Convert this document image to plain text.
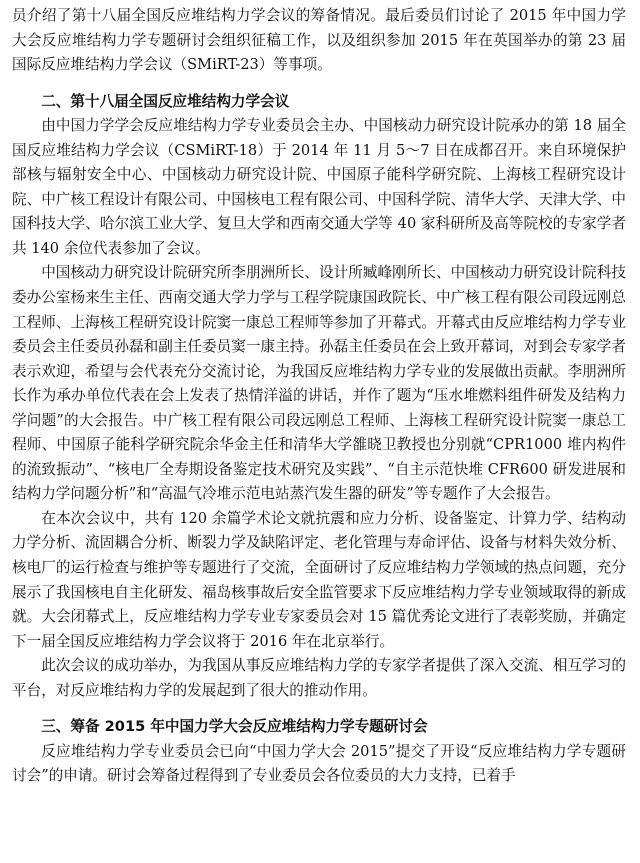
员介绍了第十八届全国反应堆结构力学会议的筹备情况。最后委员们讨论了 2015 年中国力学大会反应堆结构力学专题研讨会组织征稿工作，以及组织参加 2015 年在英国举办的第 23 届国际反应堆结构力学会议（SMiRT-23）等事项。

二、第十八届全国反应堆结构力学会议

由中国力学学会反应堆结构力学专业委员会主办、中国核动力研究设计院承办的第 18 届全国反应堆结构力学会议（CSMiRT-18）于 2014 年 11 月 5～7 日在成都召开。来自环境保护部核与辐射安全中心、中国核动力研究设计院、中国原子能科学研究院、上海核工程研究设计院、中广核工程设计有限公司、中国核电工程有限公司、中国科学院、清华大学、天津大学、中国科技大学、哈尔滨工业大学、复旦大学和西南交通大学等 40 家科研所及高等院校的专家学者共 140 余位代表参加了会议。

中国核动力研究设计院研究所李朋洲所长、设计所臧峰刚所长、中国核动力研究设计院科技委办公室杨来生主任、西南交通大学力学与工程学院康国政院长、中广核工程有限公司段远刚总工程师、上海核工程研究设计院窦一康总工程师等参加了开幕式。开幕式由反应堆结构力学专业委员会主任委员孙磊和副主任委员窦一康主持。孙磊主任委员在会上致开幕词，对到会专家学者表示欢迎，希望与会代表充分交流讨论，为我国反应堆结构力学专业的发展做出贡献。李朋洲所长作为承办单位代表在会上发表了热情洋溢的讲话，并作了题为“压水堆燃料组件研发及结构力学问题”的大会报告。中广核工程有限公司段远刚总工程师、上海核工程研究设计院窦一康总工程师、中国原子能科学研究院余华金主任和清华大学雒晓卫教授也分别就“CPR1000 堆内构件的流致振动”、“核电厂全寿期设备鉴定技术研究及实践”、“自主示范快堆 CFR600 研发进展和结构力学问题分析”和“高温气冷堆示范电站蒸汽发生器的研发”等专题作了大会报告。

在本次会议中，共有 120 余篇学术论文就抗震和应力分析、设备鉴定、计算力学、结构动力学分析、流固耦合分析、断裂力学及缺陷评定、老化管理与寿命评估、设备与材料失效分析、核电厂的运行检查与维护等专题进行了交流，全面研讨了反应堆结构力学领域的热点问题，充分展示了我国核电自主化研发、福岛核事故后安全监管要求下反应堆结构力学专业领域取得的新成就。大会闭幕式上，反应堆结构力学专业专家委员会对 15 篇优秀论文进行了表彰奖励，并确定下一届全国反应堆结构力学会议将于 2016 年在北京举行。

此次会议的成功举办，为我国从事反应堆结构力学的专家学者提供了深入交流、相互学习的平台，对反应堆结构力学的发展起到了很大的推动作用。

三、筹备 2015 年中国力学大会反应堆结构力学专题研讨会

反应堆结构力学专业委员会已向“中国力学大会 2015”提交了开设“反应堆结构力学专题研讨会”的申请。研讨会筹备过程得到了专业委员会各位委员的大力支持，已着手
